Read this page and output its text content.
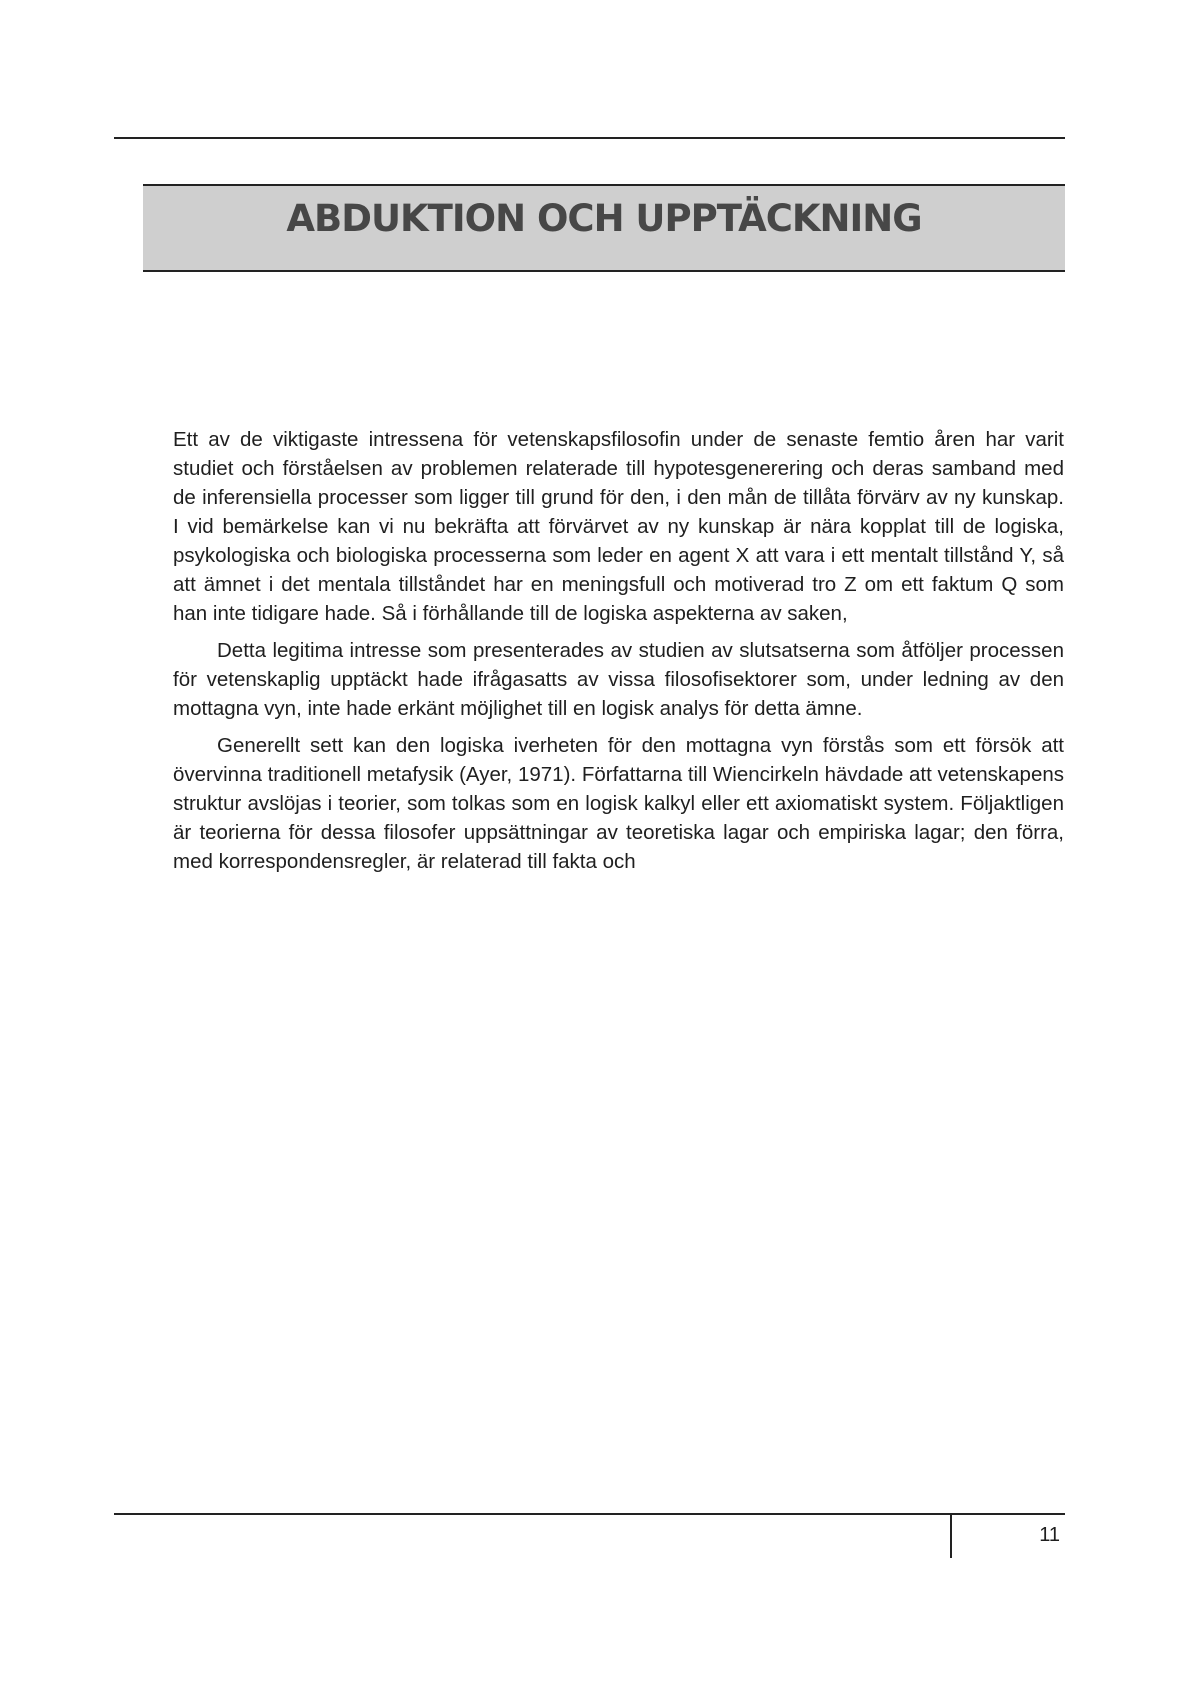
ABDUKTION OCH UPPTÄCKNING

Ett av de viktigaste intressena för vetenskapsfilosofin under de senaste femtio åren har varit studiet och förståelsen av problemen relaterade till hypotesgenerering och deras samband med de inferensiella processer som ligger till grund för den, i den mån de tillåta förvärv av ny kunskap. I vid bemärkelse kan vi nu bekräfta att förvärvet av ny kunskap är nära kopplat till de logiska, psykologiska och biologiska processerna som leder en agent X att vara i ett mentalt tillstånd Y, så att ämnet i det mentala tillståndet har en meningsfull och motiverad tro Z om ett faktum Q som han inte tidigare hade. Så i förhållande till de logiska aspekterna av saken,

Detta legitima intresse som presenterades av studien av slutsatserna som åtföljer processen för vetenskaplig upptäckt hade ifrågasatts av vissa filosofisektorer som, under ledning av den mottagna vyn, inte hade erkänt möjlighet till en logisk analys för detta ämne.

Generellt sett kan den logiska iverheten för den mottagna vyn förstås som ett försök att övervinna traditionell metafysik (Ayer, 1971). Författarna till Wiencirkeln hävdade att vetenskapens struktur avslöjas i teorier, som tolkas som en logisk kalkyl eller ett axiomatiskt system. Följaktligen är teorierna för dessa filosofer uppsättningar av teoretiska lagar och empiriska lagar; den förra, med korrespondensregler, är relaterad till fakta och

11
